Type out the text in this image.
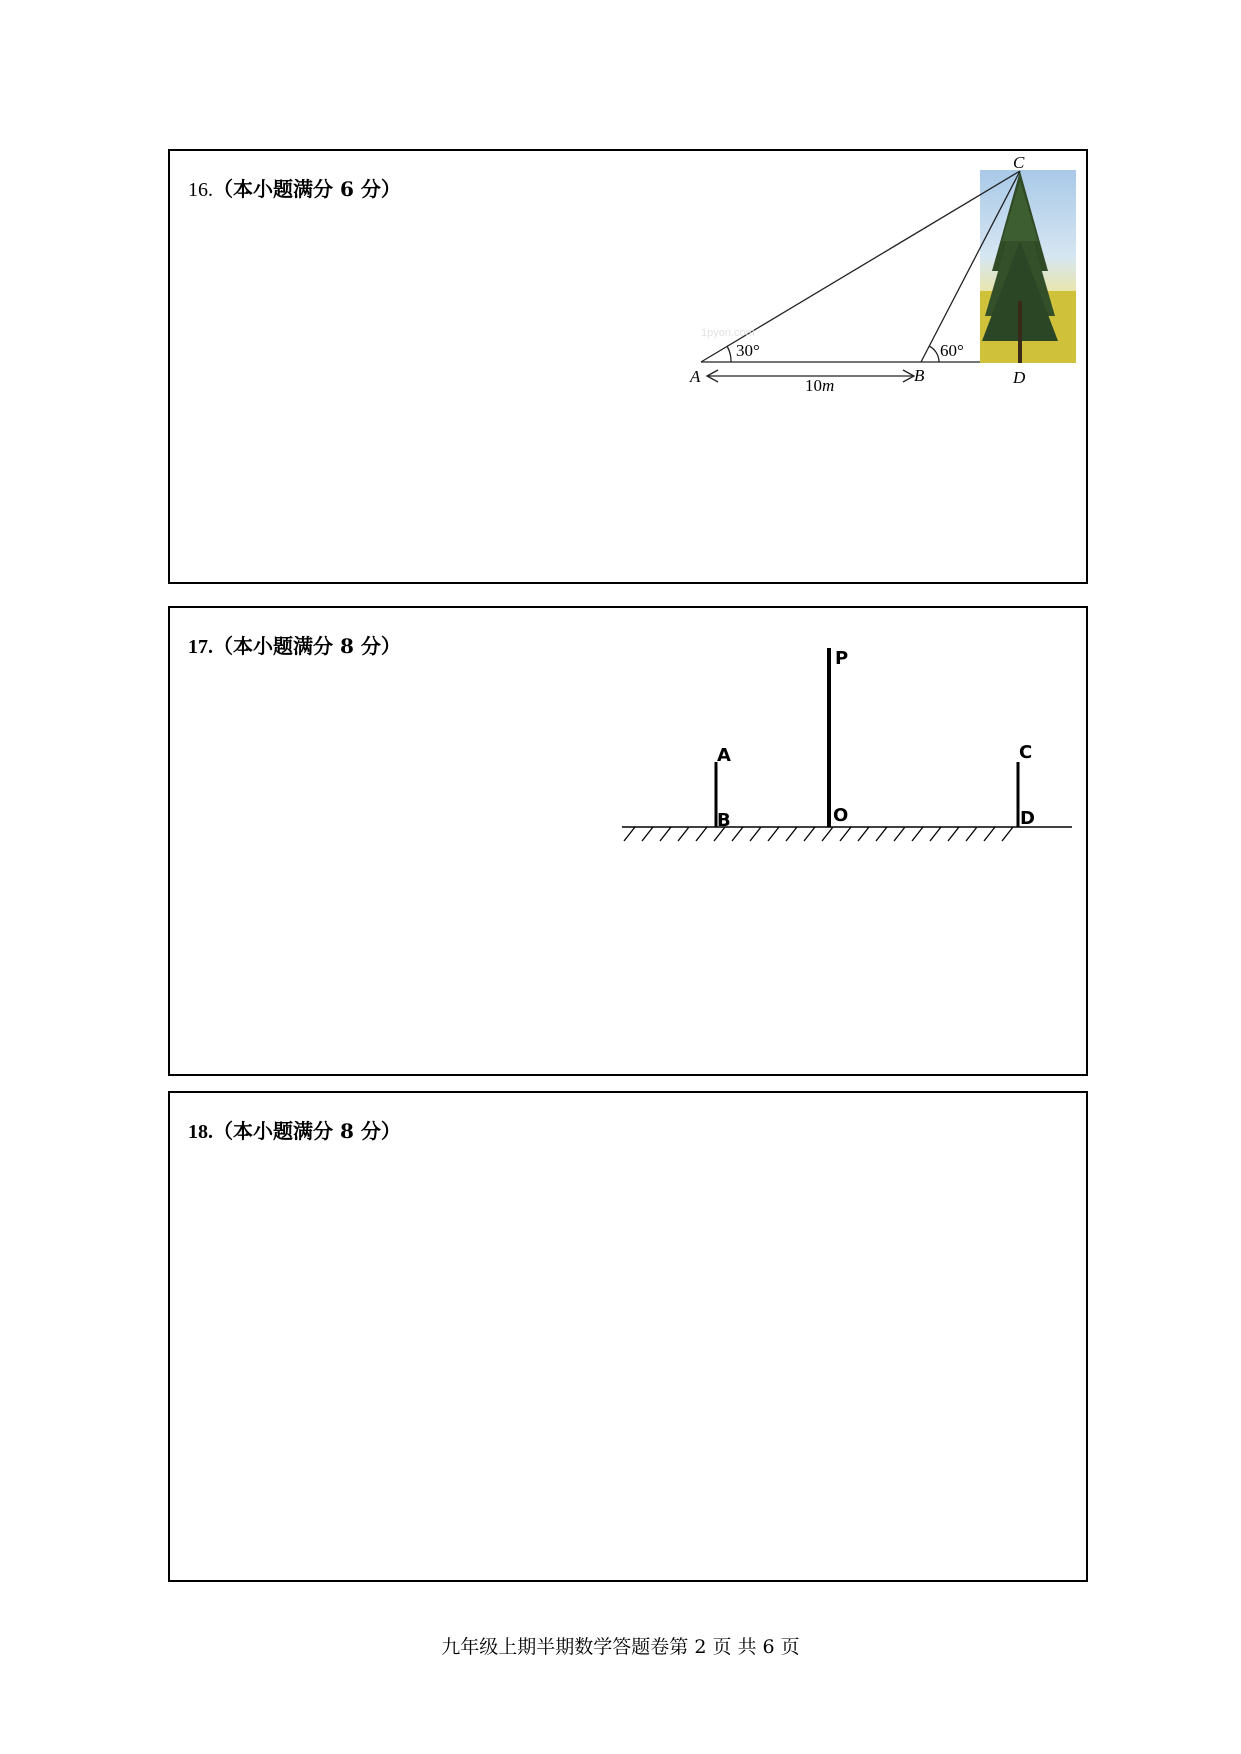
16.（本小题满分 6 分）
1pyon.com
A	B
C
D
30°	60°
10m
17.（本小题满分 8 分）
P
A
B	O
C
D
18.（本小题满分 8 分）
九年级上期半期数学答题卷第 2 页 共 6 页
